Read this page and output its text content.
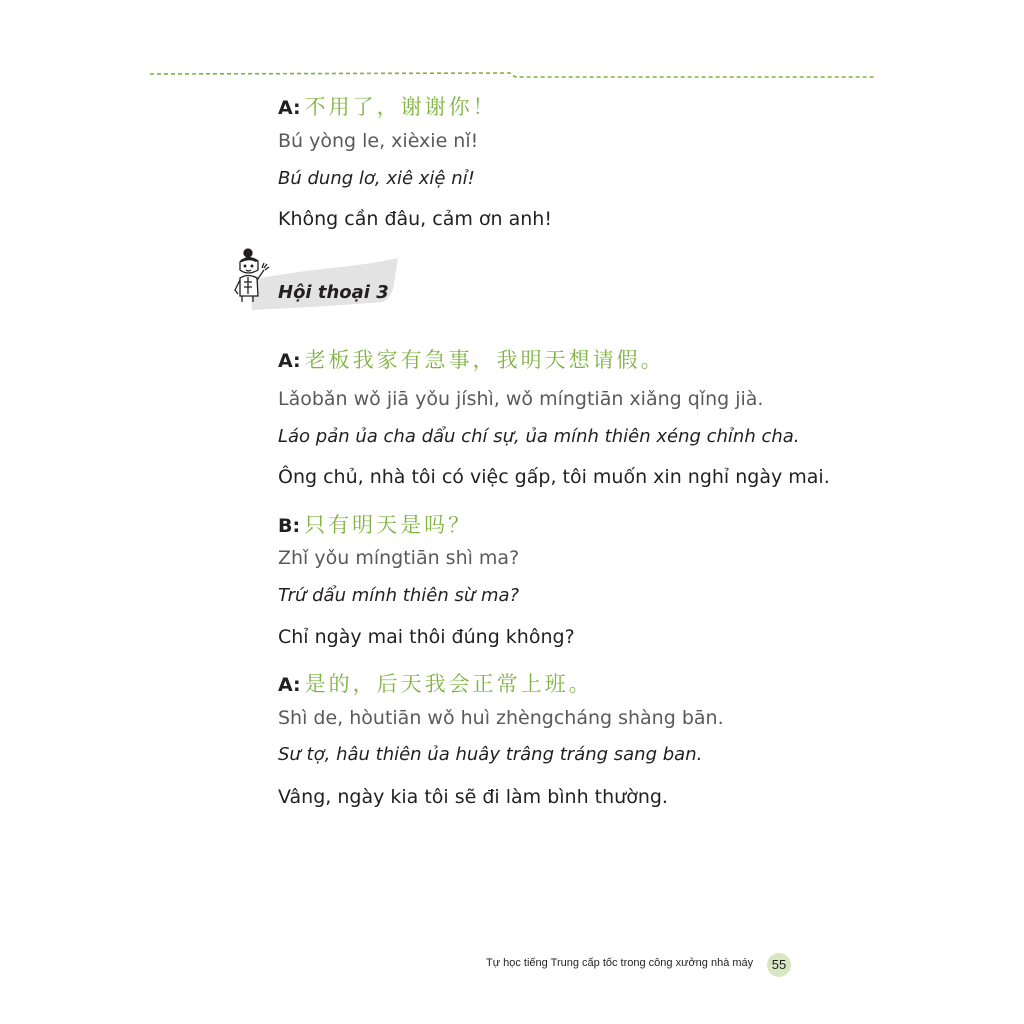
A: 不用了，谢谢你！
Bú yòng le, xièxie nǐ!
Bú dung lơ, xiê xiệ nỉ!
Không cần đâu, cảm ơn anh!
Hội thoại 3
A: 老板我家有急事，我明天想请假。
Lǎobǎn wǒ jiā yǒu jíshì, wǒ míngtiān xiǎng qǐng jià.
Láo pản ủa cha dẩu chí sự, ủa mính thiên xéng chỉnh cha.
Ông chủ, nhà tôi có việc gấp, tôi muốn xin nghỉ ngày mai.
B: 只有明天是吗？
Zhǐ yǒu míngtiān shì ma?
Trứ dẩu mính thiên sừ ma?
Chỉ ngày mai thôi đúng không?
A: 是的，后天我会正常上班。
Shì de, hòutiān wǒ huì zhèngcháng shàng bān.
Sư tợ, hâu thiên ủa huây trâng tráng sang ban.
Vâng, ngày kia tôi sẽ đi làm bình thường.
Tự học tiếng Trung cấp tốc trong công xưởng nhà máy	55
